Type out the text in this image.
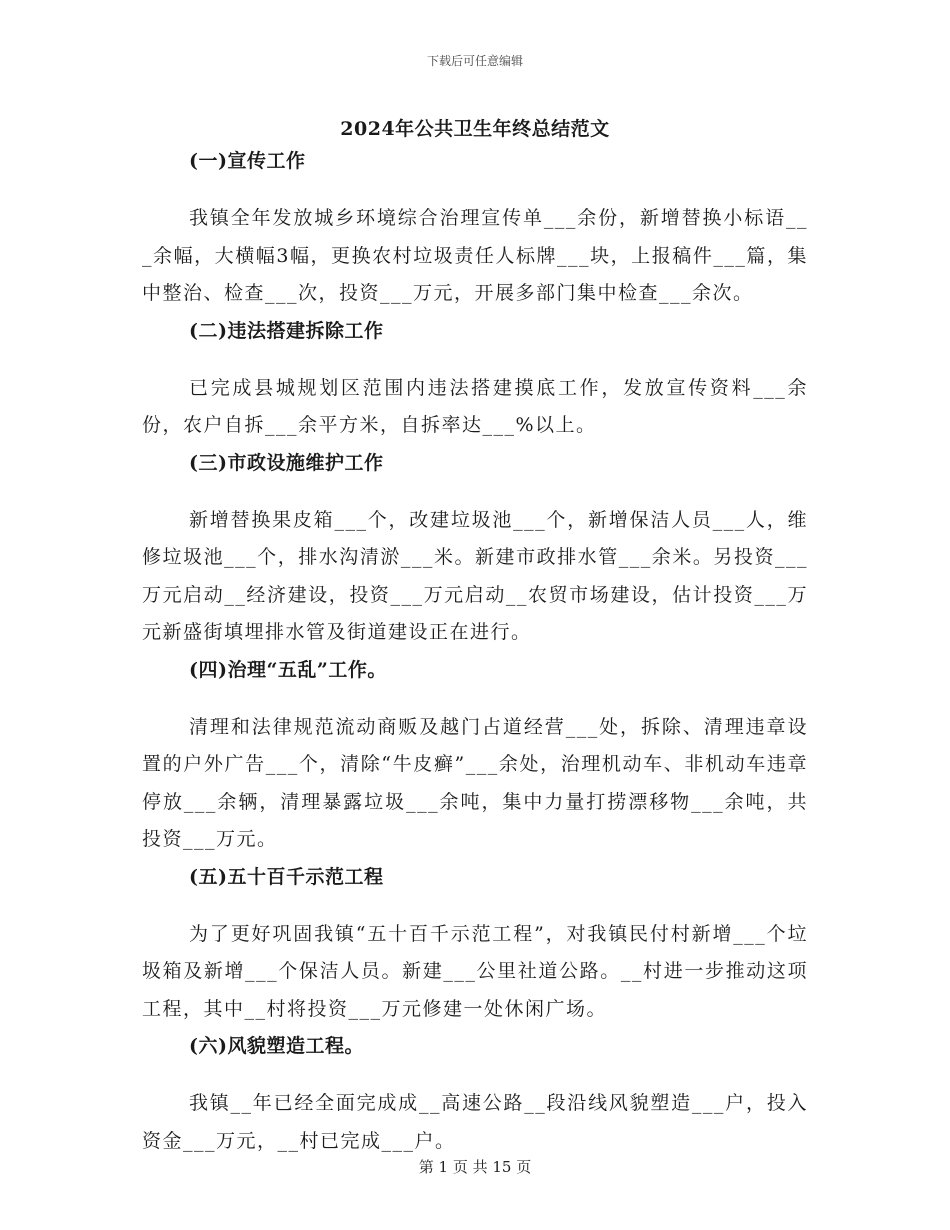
下载后可任意编辑
2024年公共卫生年终总结范文
(一)宣传工作

我镇全年发放城乡环境综合治理宣传单___余份，新增替换小标语___余幅，大横幅3幅，更换农村垃圾责任人标牌___块，上报稿件___篇，集中整治、检查___次，投资___万元，开展多部门集中检查___余次。

(二)违法搭建拆除工作

已完成县城规划区范围内违法搭建摸底工作，发放宣传资料___余份，农户自拆___余平方米，自拆率达___%以上。

(三)市政设施维护工作

新增替换果皮箱___个，改建垃圾池___个，新增保洁人员___人，维修垃圾池___个，排水沟清淤___米。新建市政排水管___余米。另投资___万元启动__经济建设，投资___万元启动__农贸市场建设，估计投资___万元新盛街填埋排水管及街道建设正在进行。

(四)治理“五乱”工作。

清理和法律规范流动商贩及越门占道经营___处，拆除、清理违章设置的户外广告___个，清除“牛皮癣”___余处，治理机动车、非机动车违章停放___余辆，清理暴露垃圾___余吨，集中力量打捞漂移物___余吨，共投资___万元。

(五)五十百千示范工程

为了更好巩固我镇“五十百千示范工程”，对我镇民付村新增___个垃圾箱及新增___个保洁人员。新建___公里社道公路。__村进一步推动这项工程，其中__村将投资___万元修建一处休闲广场。

(六)风貌塑造工程。

我镇__年已经全面完成成__高速公路__段沿线风貌塑造___户，投入资金___万元，__村已完成___户。

第 1 页 共 15 页
